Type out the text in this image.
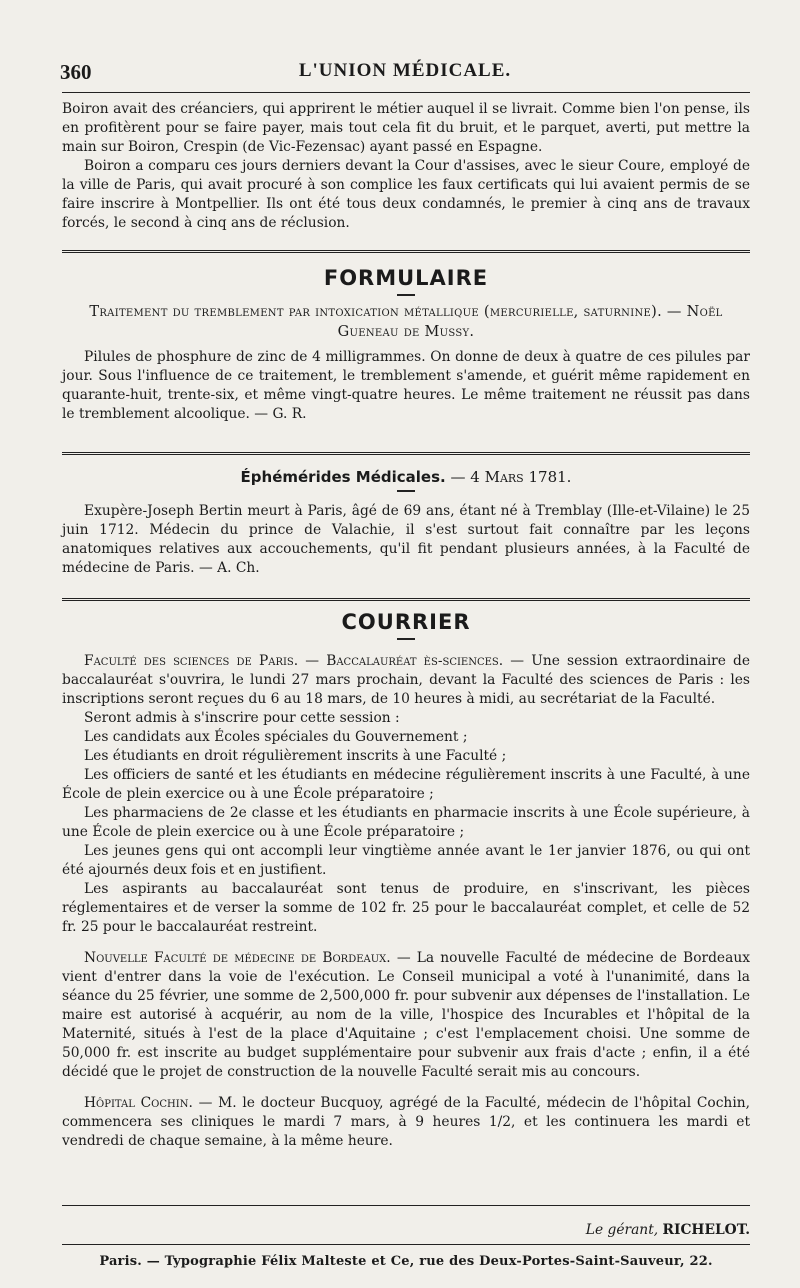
360	L'UNION MÉDICALE.

Boiron avait des créanciers, qui apprirent le métier auquel il se livrait. Comme bien l'on pense, ils en profitèrent pour se faire payer, mais tout cela fit du bruit, et le parquet, averti, put mettre la main sur Boiron, Crespin (de Vic-Fezensac) ayant passé en Espagne.

Boiron a comparu ces jours derniers devant la Cour d'assises, avec le sieur Coure, employé de la ville de Paris, qui avait procuré à son complice les faux certificats qui lui avaient permis de se faire inscrire à Montpellier. Ils ont été tous deux condamnés, le premier à cinq ans de travaux forcés, le second à cinq ans de réclusion.

FORMULAIRE

Traitement du tremblement par intoxication métallique (mercurielle, saturnine). — Noël Gueneau de Mussy.

Pilules de phosphure de zinc de 4 milligrammes. On donne de deux à quatre de ces pilules par jour. Sous l'influence de ce traitement, le tremblement s'amende, et guérit même rapidement en quarante-huit, trente-six, et même vingt-quatre heures. Le même traitement ne réussit pas dans le tremblement alcoolique. — G. R.

Éphémérides Médicales. — 4 Mars 1781.

Exupère-Joseph Bertin meurt à Paris, âgé de 69 ans, étant né à Tremblay (Ille-et-Vilaine) le 25 juin 1712. Médecin du prince de Valachie, il s'est surtout fait connaître par les leçons anatomiques relatives aux accouchements, qu'il fit pendant plusieurs années, à la Faculté de médecine de Paris. — A. Ch.

COURRIER

Faculté des sciences de Paris. — Baccalauréat ès-sciences. — Une session extraordinaire de baccalauréat s'ouvrira, le lundi 27 mars prochain, devant la Faculté des sciences de Paris : les inscriptions seront reçues du 6 au 18 mars, de 10 heures à midi, au secrétariat de la Faculté.

Seront admis à s'inscrire pour cette session :

Les candidats aux Écoles spéciales du Gouvernement ;

Les étudiants en droit régulièrement inscrits à une Faculté ;

Les officiers de santé et les étudiants en médecine régulièrement inscrits à une Faculté, à une École de plein exercice ou à une École préparatoire ;

Les pharmaciens de 2e classe et les étudiants en pharmacie inscrits à une École supérieure, à une École de plein exercice ou à une École préparatoire ;

Les jeunes gens qui ont accompli leur vingtième année avant le 1er janvier 1876, ou qui ont été ajournés deux fois et en justifient.

Les aspirants au baccalauréat sont tenus de produire, en s'inscrivant, les pièces réglementaires et de verser la somme de 102 fr. 25 pour le baccalauréat complet, et celle de 52 fr. 25 pour le baccalauréat restreint.

Nouvelle Faculté de médecine de Bordeaux. — La nouvelle Faculté de médecine de Bordeaux vient d'entrer dans la voie de l'exécution. Le Conseil municipal a voté à l'unanimité, dans la séance du 25 février, une somme de 2,500,000 fr. pour subvenir aux dépenses de l'installation. Le maire est autorisé à acquérir, au nom de la ville, l'hospice des Incurables et l'hôpital de la Maternité, situés à l'est de la place d'Aquitaine ; c'est l'emplacement choisi. Une somme de 50,000 fr. est inscrite au budget supplémentaire pour subvenir aux frais d'acte ; enfin, il a été décidé que le projet de construction de la nouvelle Faculté serait mis au concours.

Hôpital Cochin. — M. le docteur Bucquoy, agrégé de la Faculté, médecin de l'hôpital Cochin, commencera ses cliniques le mardi 7 mars, à 9 heures 1/2, et les continuera les mardi et vendredi de chaque semaine, à la même heure.

Le gérant, RICHELOT.
Paris. — Typographie Félix Malteste et Ce, rue des Deux-Portes-Saint-Sauveur, 22.
